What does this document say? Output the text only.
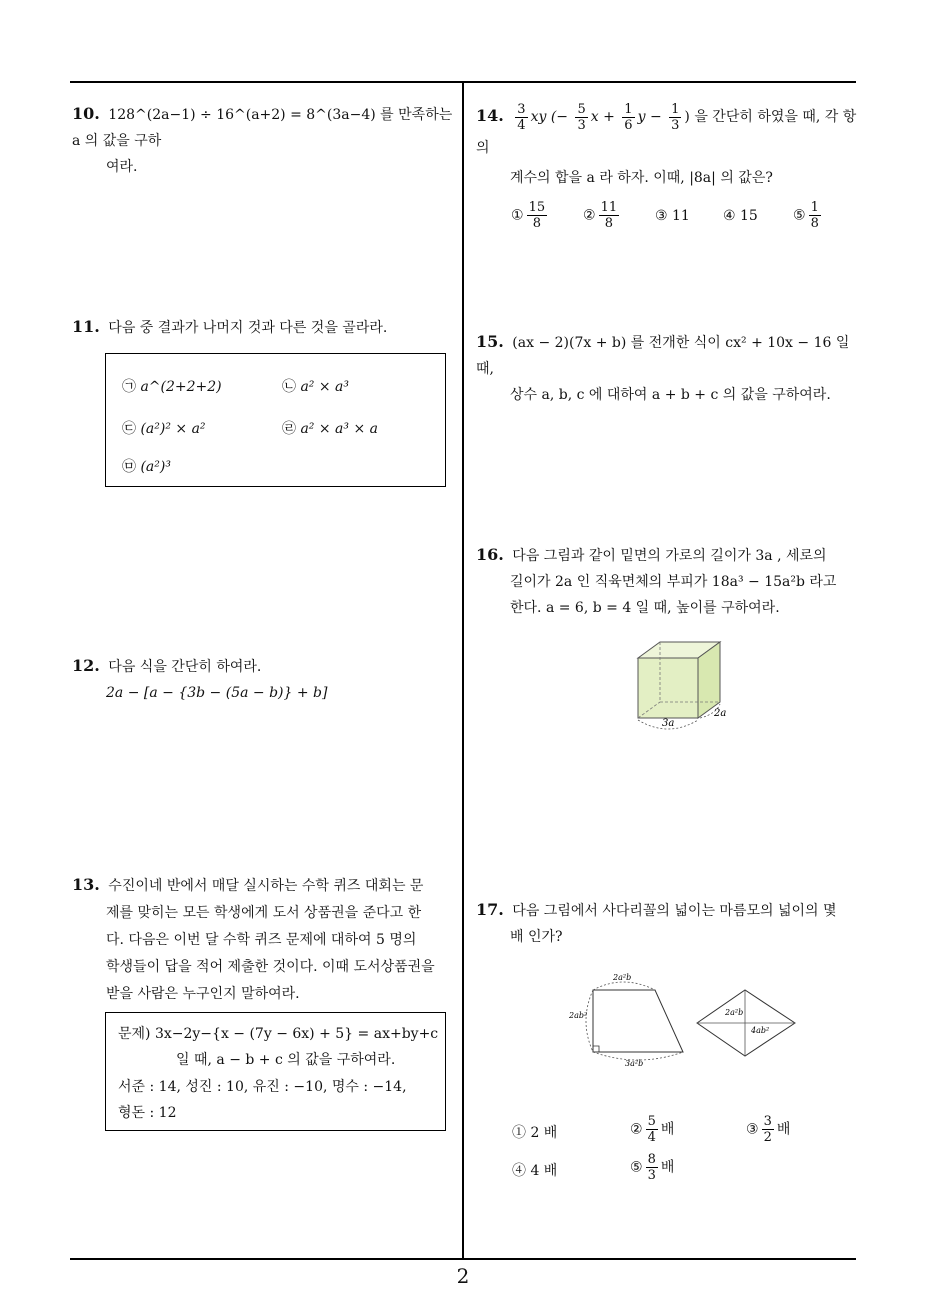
10. 128^(2a−1) ÷ 16^(a+2) = 8^(3a−4) 를 만족하는 a 의 값을 구하
여라.
11. 다음 중 결과가 나머지 것과 다른 것을 골라라.
㉠ a^(2+2+2)	㉡ a² × a³
㉢ (a²)² × a²	㉣ a² × a³ × a
㉤ (a²)³
12. 다음 식을 간단히 하여라.
2a − [a − {3b − (5a − b)} + b]
13. 수진이네 반에서 매달 실시하는 수학 퀴즈 대회는 문
제를 맞히는 모든 학생에게 도서 상품권을 준다고 한
다. 다음은 이번 달 수학 퀴즈 문제에 대하여 5 명의
학생들이 답을 적어 제출한 것이다. 이때 도서상품권을
받을 사람은 누구인지 말하여라.
문제) 3x−2y−{x − (7y − 6x) + 5} = ax+by+c
일 때, a − b + c 의 값을 구하여라.
서준 : 14, 성진 : 10, 유진 : −10, 명수 : −14,
형돈 : 12
14. $\frac{3}{4}$ xy (− $\frac{5}{3}$ $x + \frac{1}{6}$ $y - \frac{1}{3}$ ) 을 간단히 하였을 때, 각 항의
계수의 합을 a 라 하자. 이때, |8a| 의 값은?
① $\frac{15}{8}$	② $\frac{11}{8}$	③ 11 ④ 15	⑤ $\frac{1}{8}$
15. (ax − 2)(7x + b) 를 전개한 식이 cx² + 10x − 16 일 때,
상수 a, b, c 에 대하여 a + b + c 의 값을 구하여라.
16. 다음 그림과 같이 밑면의 가로의 길이가 3a , 세로의
길이가 2a 인 직육면체의 부피가 18a³ − 15a²b 라고
한다. a = 6, b = 4 일 때, 높이를 구하여라.
3a
2a
17. 다음 그림에서 사다리꼴의 넓이는 마름모의 넓이의 몇
배 인가?
2a²b
2ab²
3a²b
2a²b
4ab²
① 2 배	② $\frac{5}{4}$ 배	③ $\frac{3}{2}$ 배
④ 4 배	⑤ $\frac{8}{3}$ 배
2
